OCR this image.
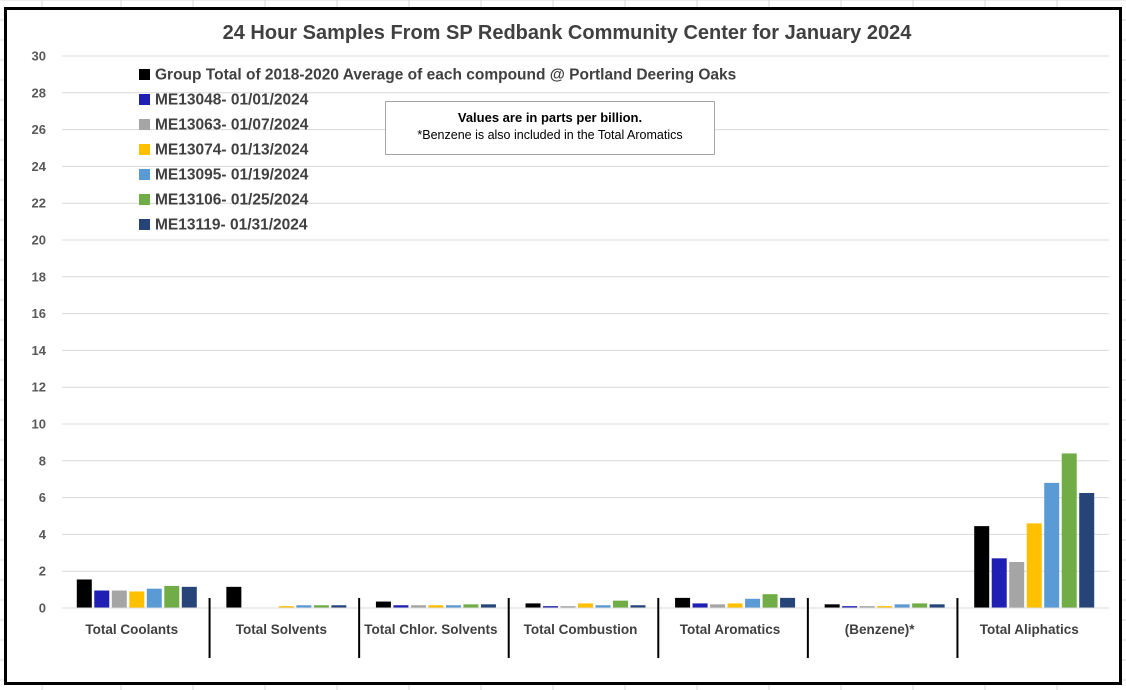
24 Hour Samples From SP Redbank Community Center for January 2024
0
2
4
6
8
10
12
14
16
18
20
22
24
26
28
30
Total Coolants	Total Solvents	Total Chlor. Solvents Total Combustion	Total Aromatics	(Benzene)*	Total Aliphatics
Group Total of 2018-2020 Average of each compound @ Portland Deering Oaks
ME13048- 01/01/2024
ME13063- 01/07/2024
ME13074- 01/13/2024
ME13095- 01/19/2024
ME13106- 01/25/2024
ME13119- 01/31/2024
Values are in parts per billion.
*Benzene is also included in the Total Aromatics
